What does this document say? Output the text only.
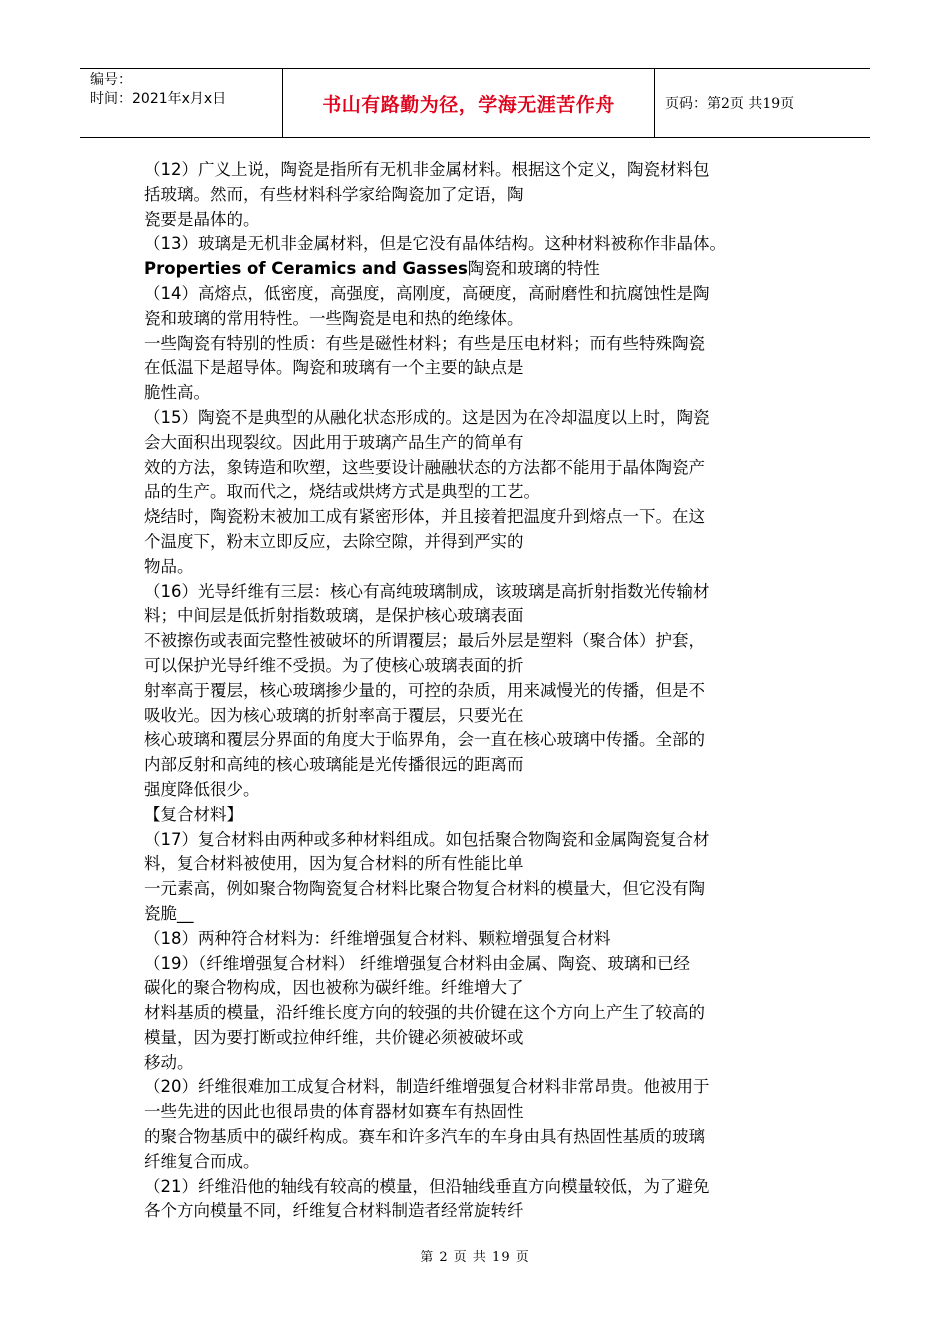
编号：
时间：2021年x月x日	书山有路勤为径，学海无涯苦作舟	页码：第2页 共19页
（12）广义上说，陶瓷是指所有无机非金属材料。根据这个定义，陶瓷材料包
括玻璃。然而，有些材料科学家给陶瓷加了定语，陶
瓷要是晶体的。
（13）玻璃是无机非金属材料，但是它没有晶体结构。这种材料被称作非晶体。
Properties of Ceramics and Gasses陶瓷和玻璃的特性
（14）高熔点，低密度，高强度，高刚度，高硬度，高耐磨性和抗腐蚀性是陶
瓷和玻璃的常用特性。一些陶瓷是电和热的绝缘体。
一些陶瓷有特别的性质：有些是磁性材料；有些是压电材料；而有些特殊陶瓷
在低温下是超导体。陶瓷和玻璃有一个主要的缺点是
脆性高。
（15）陶瓷不是典型的从融化状态形成的。这是因为在冷却温度以上时，陶瓷
会大面积出现裂纹。因此用于玻璃产品生产的简单有
效的方法，象铸造和吹塑，这些要设计融融状态的方法都不能用于晶体陶瓷产
品的生产。取而代之，烧结或烘烤方式是典型的工艺。
烧结时，陶瓷粉末被加工成有紧密形体，并且接着把温度升到熔点一下。在这
个温度下，粉末立即反应，去除空隙，并得到严实的
物品。
（16）光导纤维有三层：核心有高纯玻璃制成，该玻璃是高折射指数光传输材
料；中间层是低折射指数玻璃，是保护核心玻璃表面
不被擦伤或表面完整性被破坏的所谓覆层；最后外层是塑料（聚合体）护套，
可以保护光导纤维不受损。为了使核心玻璃表面的折
射率高于覆层，核心玻璃掺少量的，可控的杂质，用来减慢光的传播，但是不
吸收光。因为核心玻璃的折射率高于覆层，只要光在
核心玻璃和覆层分界面的角度大于临界角，会一直在核心玻璃中传播。全部的
内部反射和高纯的核心玻璃能是光传播很远的距离而
强度降低很少。
【复合材料】
（17）复合材料由两种或多种材料组成。如包括聚合物陶瓷和金属陶瓷复合材
料，复合材料被使用，因为复合材料的所有性能比单
一元素高，例如聚合物陶瓷复合材料比聚合物复合材料的模量大，但它没有陶
瓷脆__
（18）两种符合材料为：纤维增强复合材料、颗粒增强复合材料
（19）（纤维增强复合材料） 纤维增强复合材料由金属、陶瓷、玻璃和已经
碳化的聚合物构成，因也被称为碳纤维。纤维增大了
材料基质的模量，沿纤维长度方向的较强的共价键在这个方向上产生了较高的
模量，因为要打断或拉伸纤维，共价键必须被破坏或
移动。
（20）纤维很难加工成复合材料，制造纤维增强复合材料非常昂贵。他被用于
一些先进的因此也很昂贵的体育器材如赛车有热固性
的聚合物基质中的碳纤构成。赛车和许多汽车的车身由具有热固性基质的玻璃
纤维复合而成。
（21）纤维沿他的轴线有较高的模量，但沿轴线垂直方向模量较低，为了避免
各个方向模量不同，纤维复合材料制造者经常旋转纤
第 2 页 共 19 页
